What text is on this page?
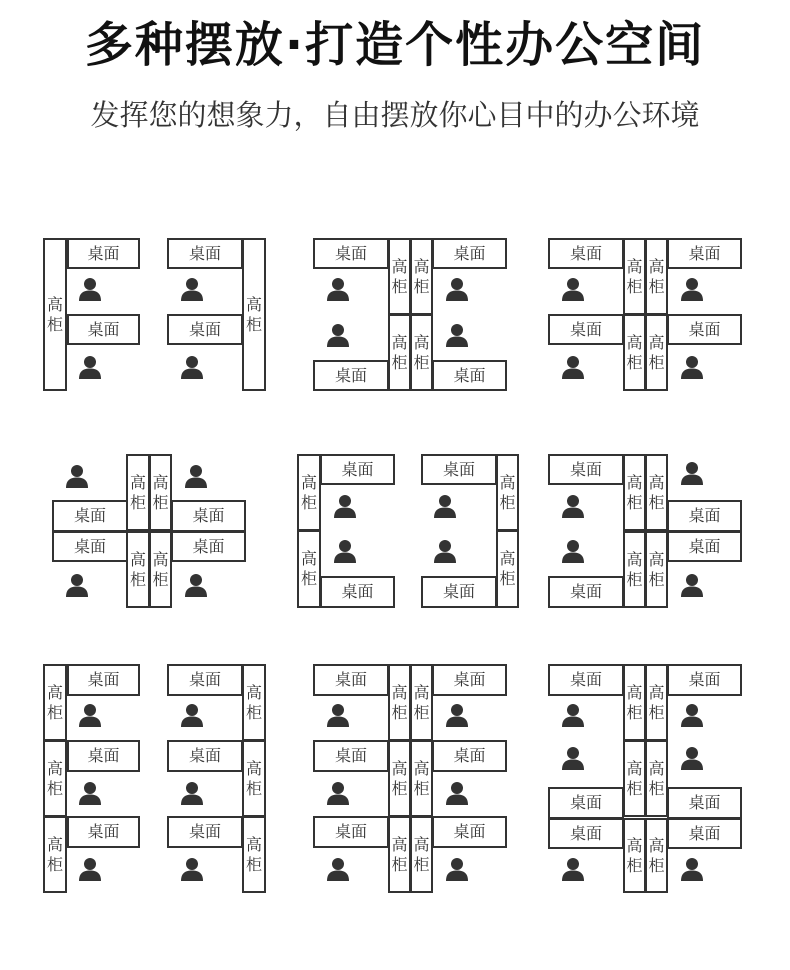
多种摆放·打造个性办公空间
发挥您的想象力，自由摆放你心目中的办公环境
高
柜
桌面
桌面
桌面
高
柜
桌面
桌面
高
柜
高
柜
桌面
高
柜
高
柜
桌面	桌面
桌面
高
柜
高
柜
桌面
桌面
高
柜
高
柜
桌面
高
柜
高
柜
桌面	桌面
桌面	桌面
高
柜
高
柜
高
柜
桌面	桌面
高
柜
高
柜
桌面
高
柜
桌面
桌面
高
柜
高
柜
桌面
桌面
高
柜
高
柜
桌面
高
柜
桌面	桌面
高
柜
高
柜
桌面	桌面
高
柜
高
柜
桌面	桌面
高
柜
桌面
高
柜
高
柜
桌面
桌面
高
柜
高
柜
桌面
桌面
高
柜
高
柜
桌面
桌面
高
柜
高
柜
桌面
高
柜
高
柜
桌面	桌面
桌面	桌面
高
柜
高
柜
